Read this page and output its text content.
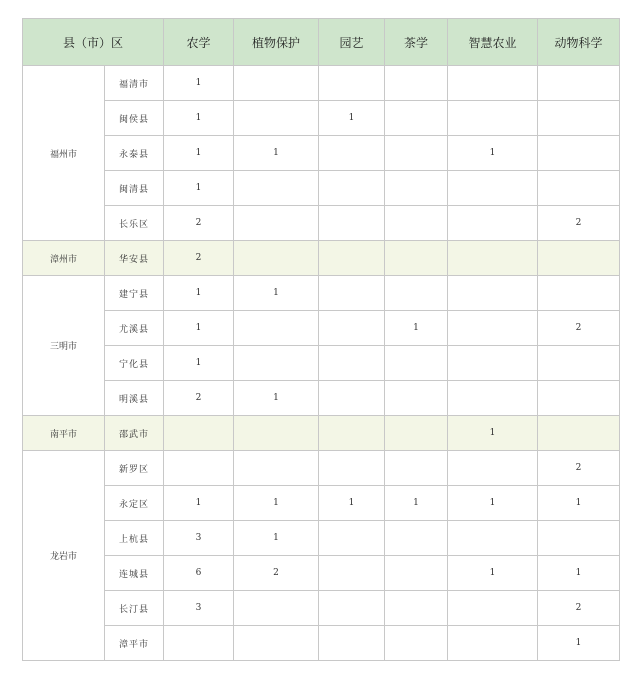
县（市）区		农学	植物保护	园艺	茶学	智慧农业	动物科学
福州市	福清市	1					
	闽侯县	1		1			
	永泰县	1	1			1	
	闽清县	1					
	长乐区	2					2
漳州市	华安县	2					
三明市	建宁县	1	1				
	尤溪县	1			1		2
	宁化县	1					
	明溪县	2	1				
南平市	邵武市					1	
龙岩市	新罗区						2
	永定区	1	1	1	1	1	1
	上杭县	3	1				
	连城县	6	2			1	1
	长汀县	3					2
	漳平市						1
